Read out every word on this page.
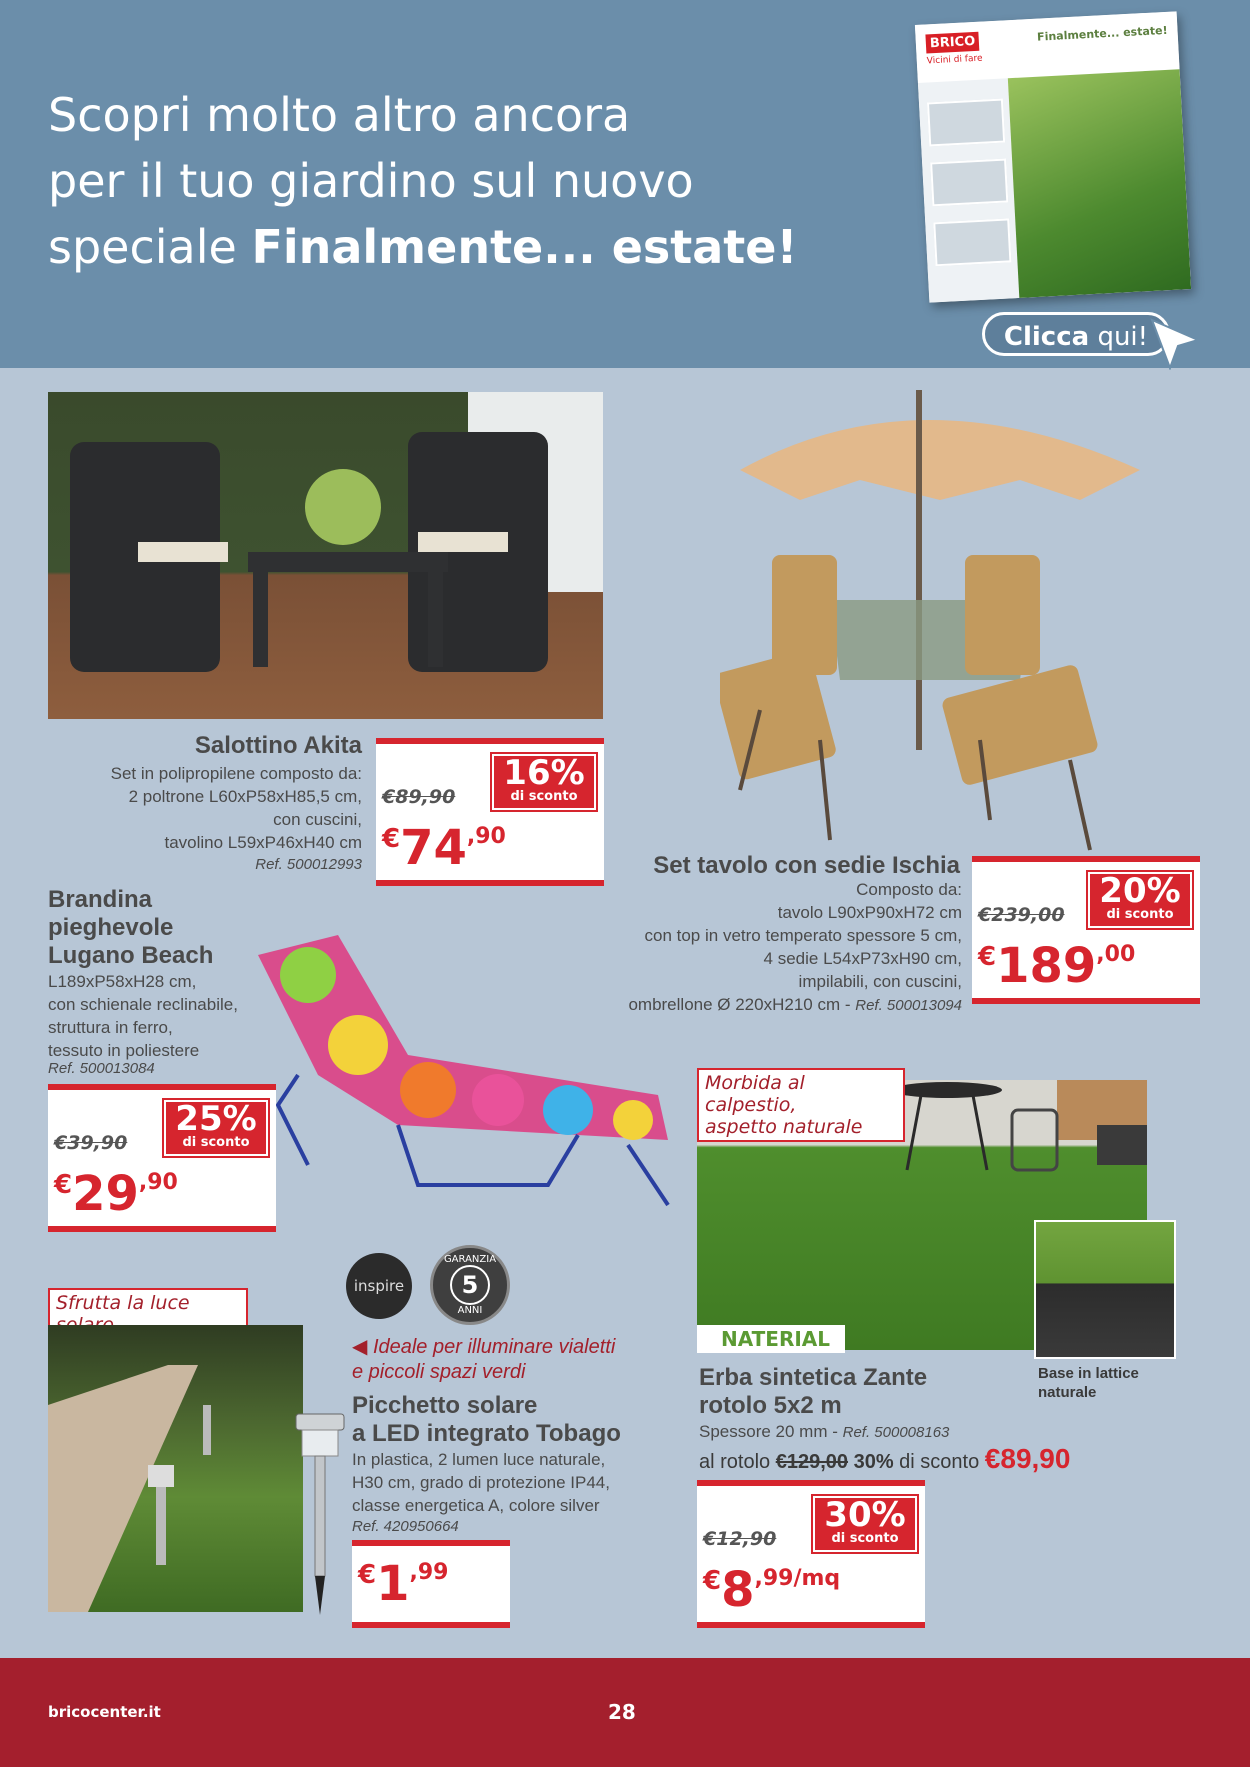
Scopri molto altro ancora
per il tuo giardino sul nuovo
speciale Finalmente... estate!
BRICO
Vicini di fare
Finalmente... estate!
Clicca qui!
Salottino Akita
Set in polipropilene composto da:
2 poltrone L60xP58xH85,5 cm,
con cuscini,
tavolino L59xP46xH40 cm
Ref. 500012993
€89,90
16%
di sconto
€74,90
Set tavolo con sedie Ischia
Composto da:
tavolo L90xP90xH72 cm
con top in vetro temperato spessore 5 cm,
4 sedie L54xP73xH90 cm,
impilabili, con cuscini,
ombrellone Ø 220xH210 cm - Ref. 500013094
€239,00
20%
di sconto
€189,00
Brandina
pieghevole
Lugano Beach
L189xP58xH28 cm,
con schienale reclinabile,
struttura in ferro,
tessuto in poliestere
Ref. 500013084
€39,90
25%
di sconto
€29,90
Morbida al calpestio,
aspetto naturale
NATERIAL
Base in lattice
naturale
Erba sintetica Zante
rotolo 5x2 m
Spessore 20 mm - Ref. 500008163
al rotolo €129,00 30% di sconto €89,90
€12,90
30%
di sconto
€8,99/mq
Sfrutta la luce
inspire
GARANZIA
5
ANNI
◀ Ideale per illuminare vialetti
e piccoli spazi verdi
Picchetto solare
a LED integrato Tobago
In plastica, 2 lumen luce naturale,
H30 cm, grado di protezione IP44,
classe energetica A, colore silver
Ref. 420950664
€1,99
bricocenter.it	28
